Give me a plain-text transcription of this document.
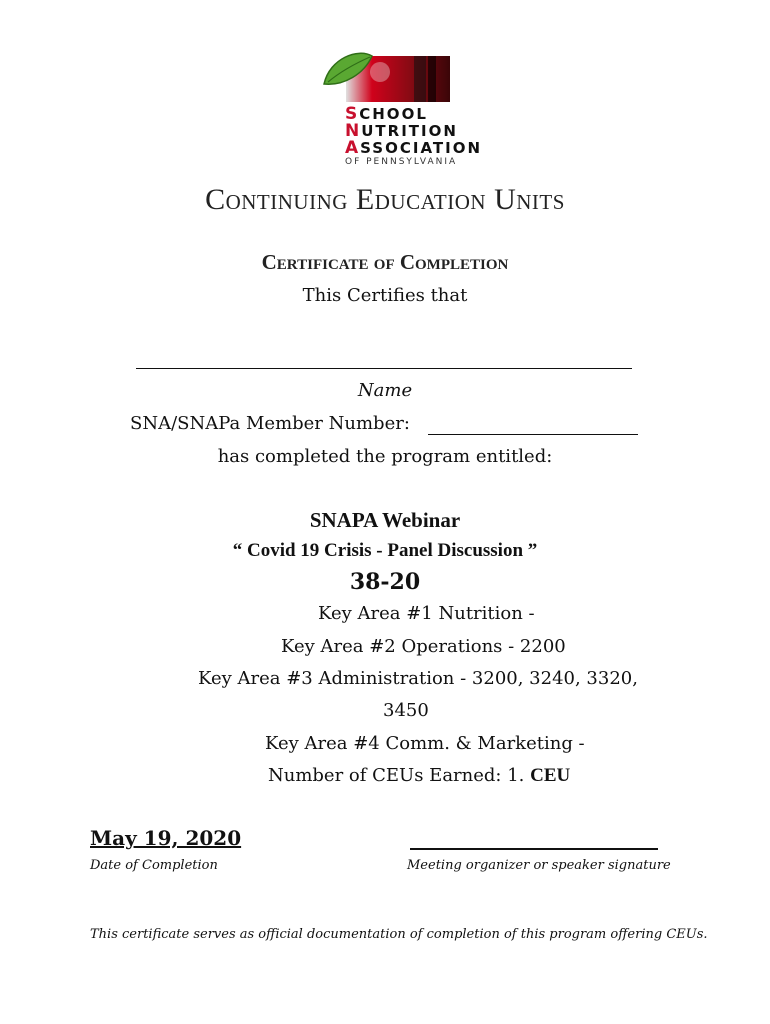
SCHOOL
NUTRITION
ASSOCIATION
OF PENNSYLVANIA
Continuing Education Units
Certificate of Completion
This Certifies that
Name
SNA/SNAPa Member Number:
has completed the program entitled:
SNAPA Webinar
“ Covid 19 Crisis - Panel Discussion ”
38-20
Key Area #1 Nutrition -
Key Area #2 Operations - 2200
Key Area #3 Administration - 3200, 3240, 3320,
3450
Key Area #4 Comm. & Marketing -
Number of CEUs Earned: 1. CEU
May 19, 2020
Date of Completion	Meeting organizer or speaker signature
This certificate serves as official documentation of completion of this program offering CEUs.
